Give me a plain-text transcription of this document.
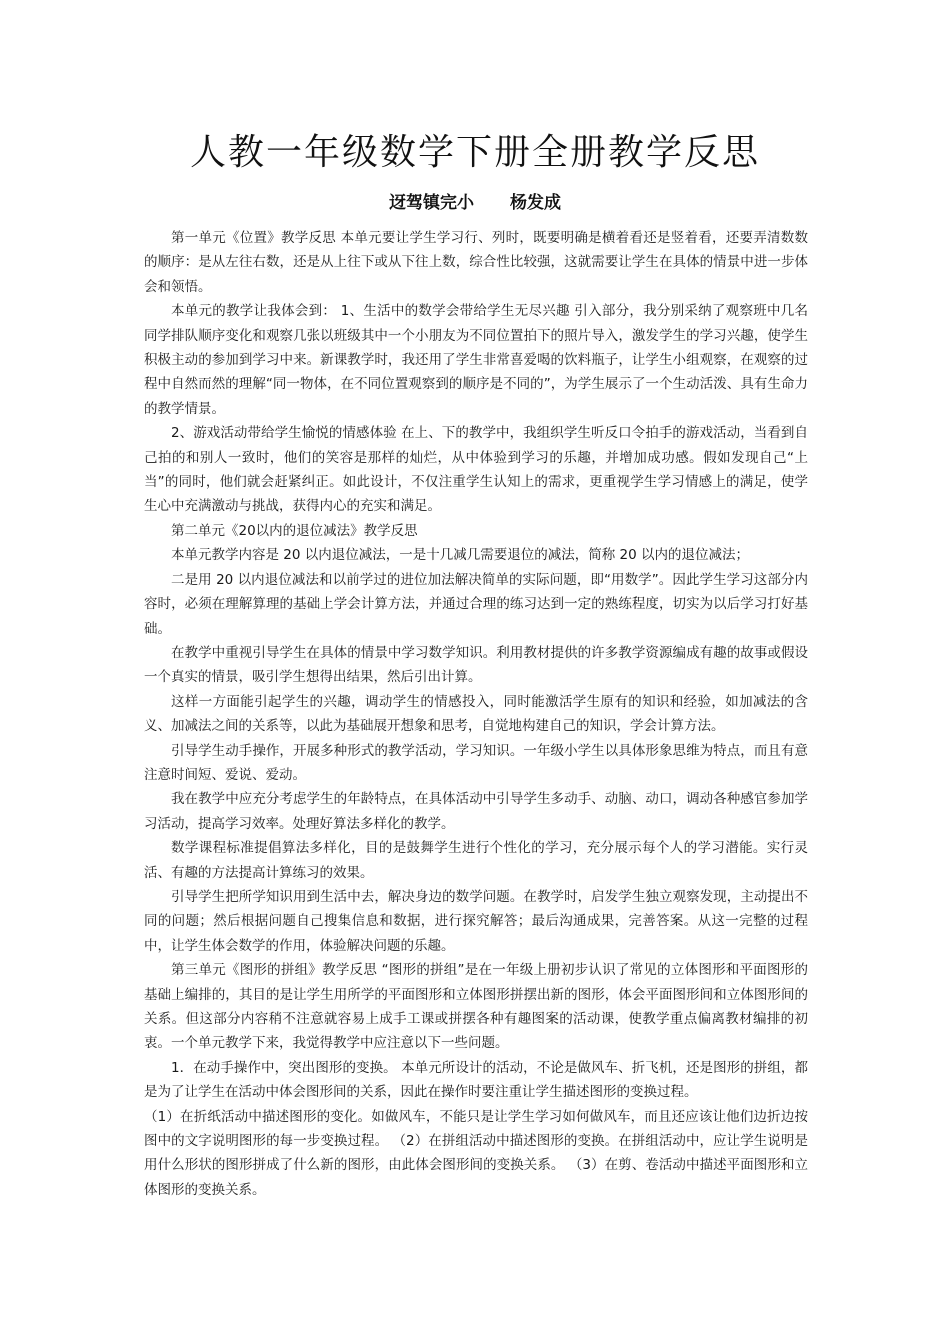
人教一年级数学下册全册教学反思
迓驾镇完小 杨发成

第一单元《位置》教学反思 本单元要让学生学习行、列时，既要明确是横着看还是竖着看，还要弄清数数的顺序：是从左往右数，还是从上往下或从下往上数，综合性比较强，这就需要让学生在具体的情景中进一步体会和领悟。

本单元的教学让我体会到： 1、生活中的数学会带给学生无尽兴趣 引入部分，我分别采纳了观察班中几名同学排队顺序变化和观察几张以班级其中一个小朋友为不同位置拍下的照片导入，激发学生的学习兴趣，使学生积极主动的参加到学习中来。新课教学时，我还用了学生非常喜爱喝的饮料瓶子，让学生小组观察，在观察的过程中自然而然的理解“同一物体，在不同位置观察到的顺序是不同的”，为学生展示了一个生动活泼、具有生命力的教学情景。

2、游戏活动带给学生愉悦的情感体验 在上、下的教学中，我组织学生听反口令拍手的游戏活动，当看到自己拍的和别人一致时，他们的笑容是那样的灿烂，从中体验到学习的乐趣，并增加成功感。假如发现自己“上当”的同时，他们就会赶紧纠正。如此设计，不仅注重学生认知上的需求，更重视学生学习情感上的满足，使学生心中充满激动与挑战，获得内心的充实和满足。

第二单元《20以内的退位减法》教学反思

本单元教学内容是 20 以内退位减法，一是十几减几需要退位的减法，简称 20 以内的退位减法；

二是用 20 以内退位减法和以前学过的进位加法解决简单的实际问题，即“用数学”。因此学生学习这部分内容时，必须在理解算理的基础上学会计算方法，并通过合理的练习达到一定的熟练程度，切实为以后学习打好基础。

在教学中重视引导学生在具体的情景中学习数学知识。利用教材提供的许多教学资源编成有趣的故事或假设一个真实的情景，吸引学生想得出结果，然后引出计算。

这样一方面能引起学生的兴趣，调动学生的情感投入，同时能激活学生原有的知识和经验，如加减法的含义、加减法之间的关系等，以此为基础展开想象和思考，自觉地构建自己的知识，学会计算方法。

引导学生动手操作，开展多种形式的教学活动，学习知识。一年级小学生以具体形象思维为特点，而且有意注意时间短、爱说、爱动。

我在教学中应充分考虑学生的年龄特点，在具体活动中引导学生多动手、动脑、动口，调动各种感官参加学习活动，提高学习效率。处理好算法多样化的教学。

数学课程标准提倡算法多样化，目的是鼓舞学生进行个性化的学习，充分展示每个人的学习潜能。实行灵活、有趣的方法提高计算练习的效果。

引导学生把所学知识用到生活中去，解决身边的数学问题。在教学时，启发学生独立观察发现，主动提出不同的问题；然后根据问题自己搜集信息和数据，进行探究解答；最后沟通成果，完善答案。从这一完整的过程中，让学生体会数学的作用，体验解决问题的乐趣。

第三单元《图形的拼组》教学反思 “图形的拼组”是在一年级上册初步认识了常见的立体图形和平面图形的基础上编排的，其目的是让学生用所学的平面图形和立体图形拼摆出新的图形，体会平面图形间和立体图形间的关系。但这部分内容稍不注意就容易上成手工课或拼摆各种有趣图案的活动课，使教学重点偏离教材编排的初衷。一个单元教学下来，我觉得教学中应注意以下一些问题。

1．在动手操作中，突出图形的变换。 本单元所设计的活动，不论是做风车、折飞机，还是图形的拼组，都是为了让学生在活动中体会图形间的关系，因此在操作时要注重让学生描述图形的变换过程。

（1）在折纸活动中描述图形的变化。如做风车，不能只是让学生学习如何做风车，而且还应该让他们边折边按图中的文字说明图形的每一步变换过程。 （2）在拼组活动中描述图形的变换。在拼组活动中，应让学生说明是用什么形状的图形拼成了什么新的图形，由此体会图形间的变换关系。 （3）在剪、卷活动中描述平面图形和立体图形的变换关系。
